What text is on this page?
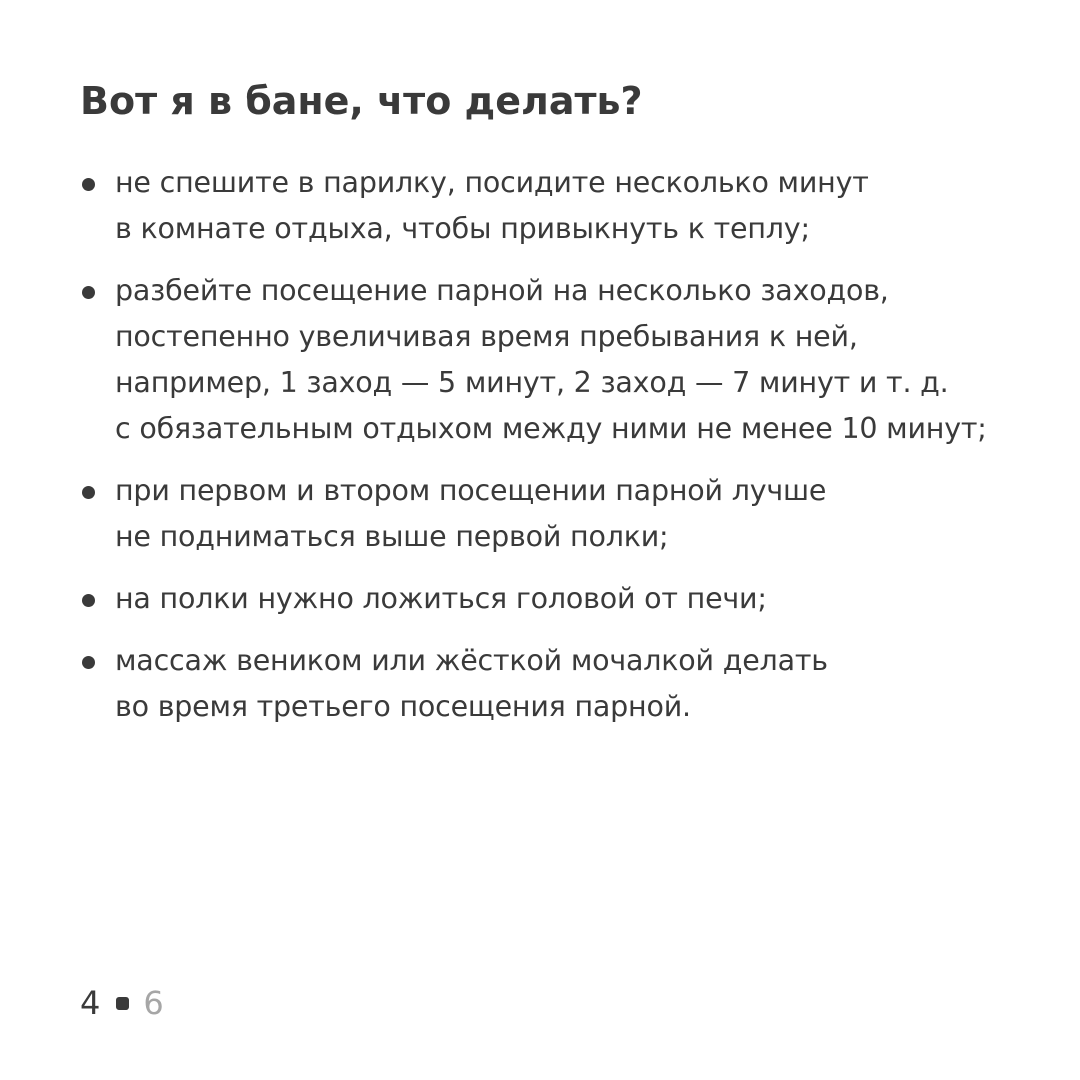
Вот я в бане, что делать?
не спешите в парилку, посидите несколько минут
в комнате отдыха, чтобы привыкнуть к теплу;
разбейте посещение парной на несколько заходов,
постепенно увеличивая время пребывания к ней,
например, 1 заход — 5 минут, 2 заход — 7 минут и т. д.
с обязательным отдыхом между ними не менее 10 минут;
при первом и втором посещении парной лучше
не подниматься выше первой полки;
на полки нужно ложиться головой от печи;
массаж веником или жёсткой мочалкой делать
во время третьего посещения парной.
4 6
